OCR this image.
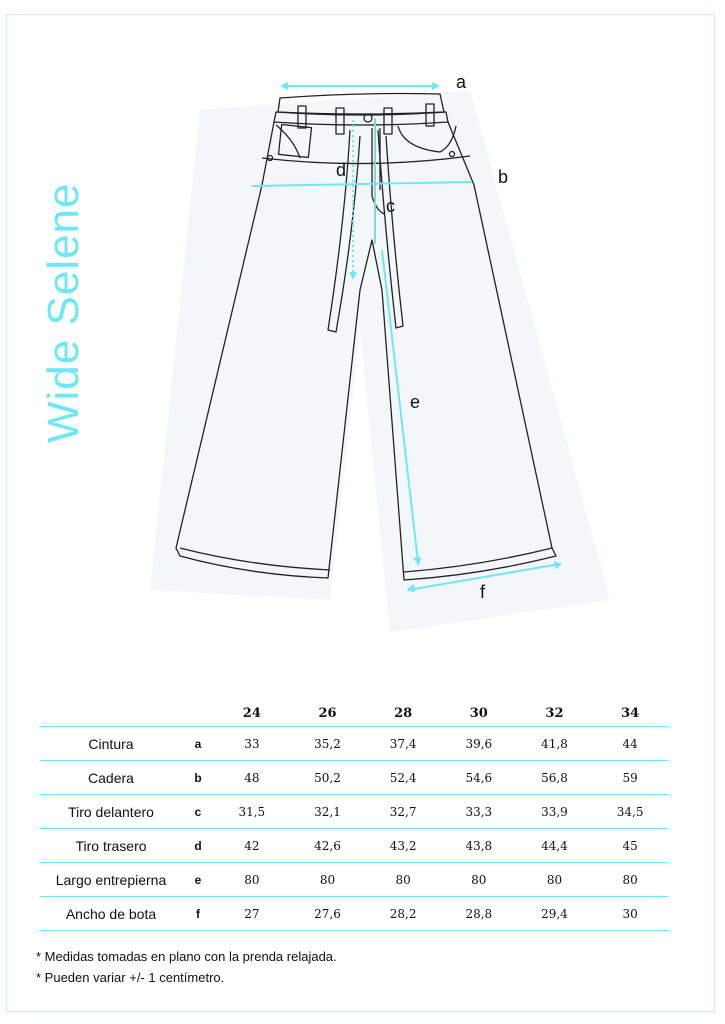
Wide Selene
a
b
c
d
e
f
		24	26	28	30	32	34
Cintura	a	33	35,2	37,4	39,6	41,8	44
Cadera	b	48	50,2	52,4	54,6	56,8	59
Tiro delantero	c	31,5	32,1	32,7	33,3	33,9	34,5
Tiro trasero	d	42	42,6	43,2	43,8	44,4	45
Largo entrepierna	e	80	80	80	80	80	80
Ancho de bota	f	27	27,6	28,2	28,8	29,4	30
* Medidas tomadas en plano con la prenda relajada.
* Pueden variar +/- 1 centímetro.
